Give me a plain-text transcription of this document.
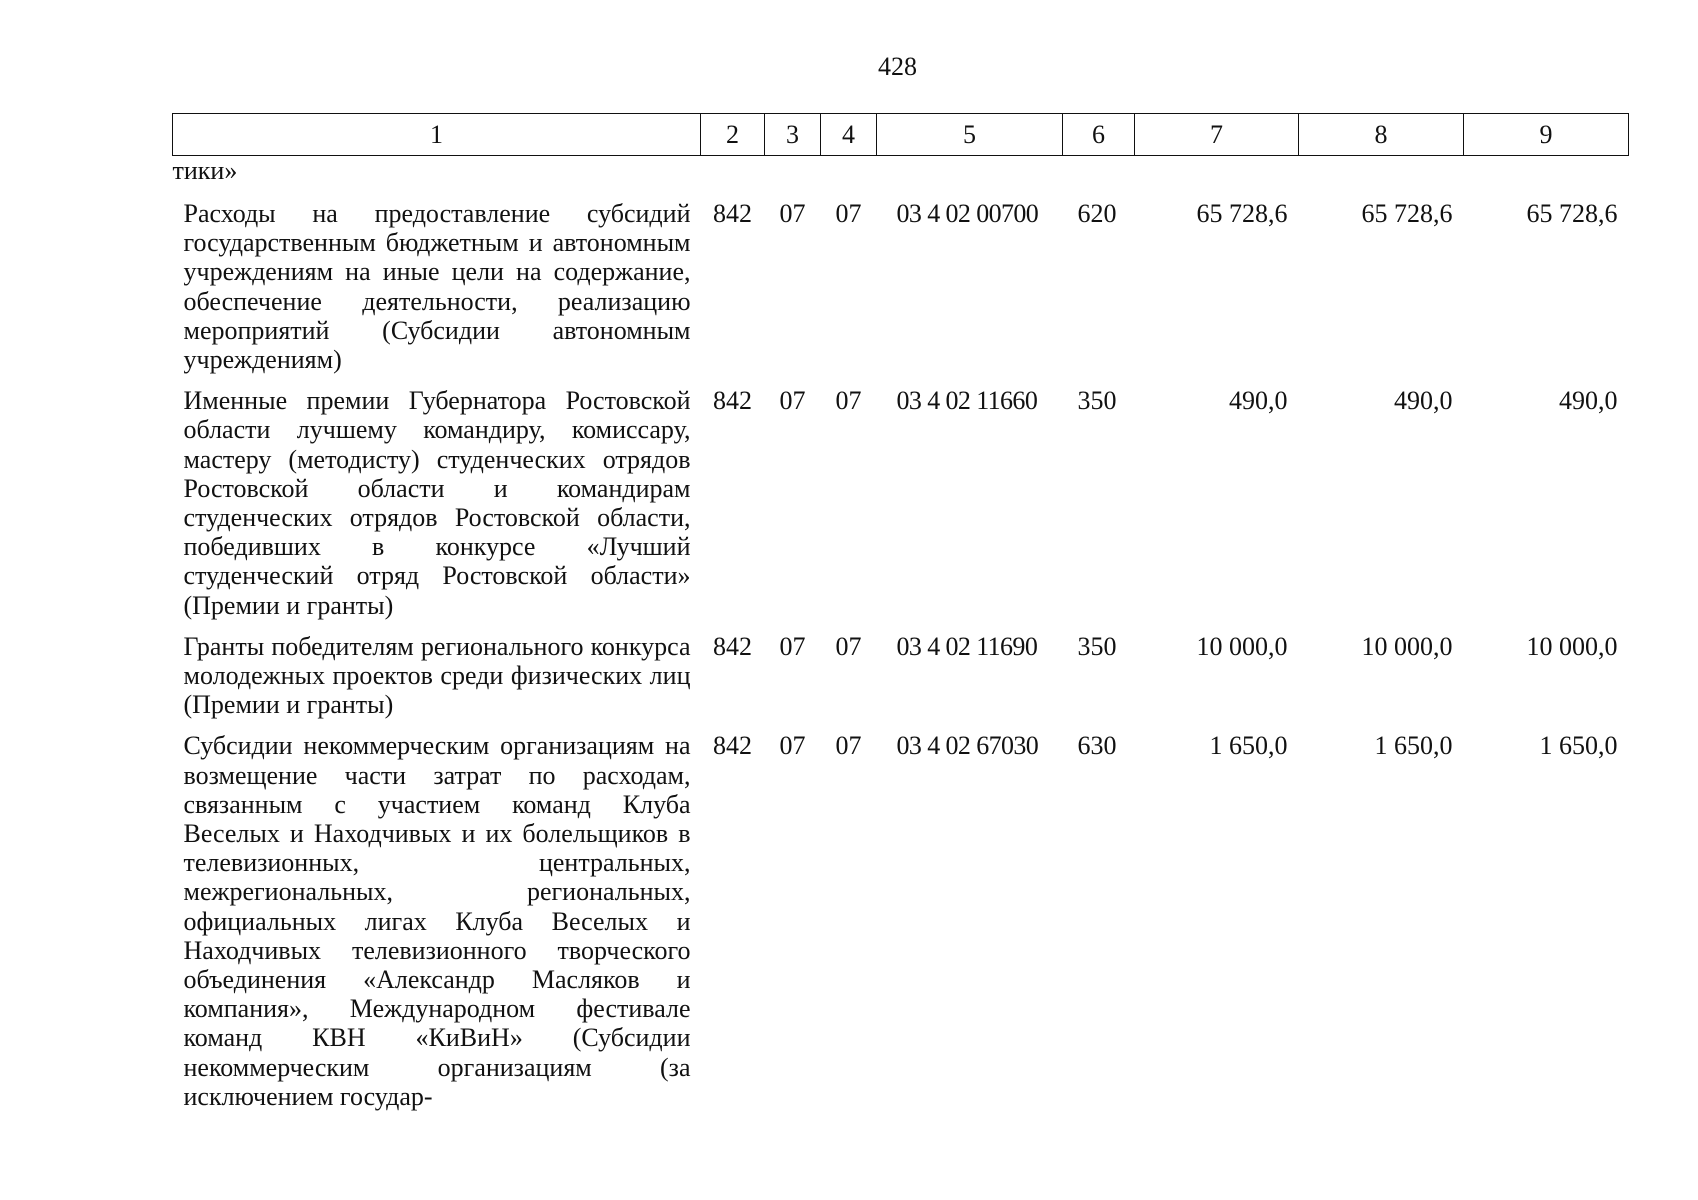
428
1	2	3	4	5	6	7	8	9
тики»								
Расходы на предоставление субсидий государственным бюджетным и автономным учреждениям на иные цели на содержание, обеспечение деятельности, реализацию мероприятий (Субсидии автономным учреждениям)	842	07	07	03 4 02 00700	620	65 728,6	65 728,6	65 728,6
Именные премии Губернатора Ростовской области лучшему командиру, комиссару, мастеру (методисту) студенческих отрядов Ростовской области и командирам студенческих отрядов Ростовской области, победивших в конкурсе «Лучший студенческий отряд Ростовской области» (Премии и гранты)	842	07	07	03 4 02 11660	350	490,0	490,0	490,0
Гранты победителям регионального конкурса молодежных проектов среди физических лиц (Премии и гранты)	842	07	07	03 4 02 11690	350	10 000,0	10 000,0	10 000,0
Субсидии некоммерческим организациям на возмещение части затрат по расходам, связанным с участием команд Клуба Веселых и Находчивых и их болельщиков в телевизионных, центральных, межрегиональных, региональных, официальных лигах Клуба Веселых и Находчивых телевизионного творческого объединения «Александр Масляков и компания», Международном фестивале команд КВН «КиВиН» (Субсидии некоммерческим организациям (за исключением государ-	842	07	07	03 4 02 67030	630	1 650,0	1 650,0	1 650,0
